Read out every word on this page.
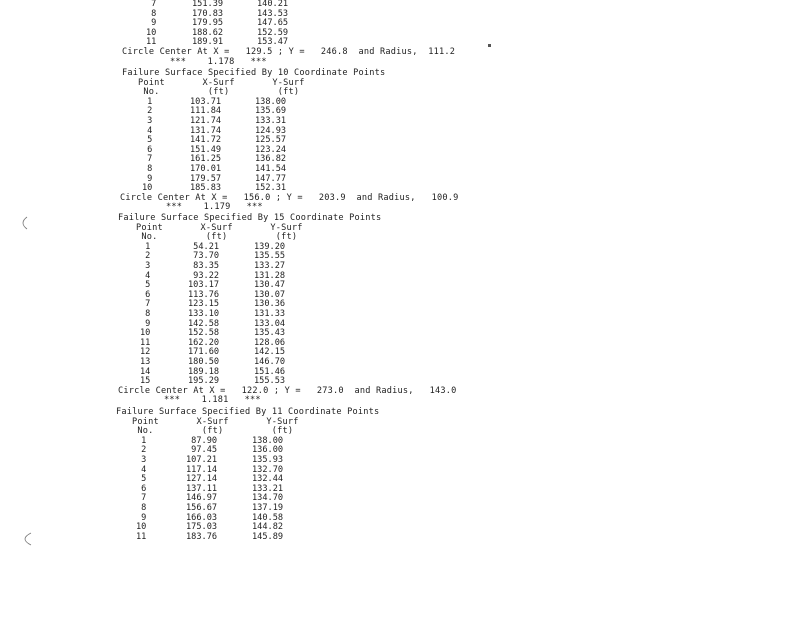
7	151.39	140.21
8	170.83	143.53
9	179.95	147.65
10	188.62	152.59
11	189.91	153.47
Circle Center At X =   129.5 ; Y =   246.8  and Radius,  111.2
***    1.178   ***
Failure Surface Specified By 10 Coordinate Points
Point       X-Surf       Y-Surf
No.         (ft)         (ft)
1	103.71	138.00
2	111.84	135.69
3	121.74	133.31
4	131.74	124.93
5	141.72	125.57
6	151.49	123.24
7	161.25	136.82
8	170.01	141.54
9	179.57	147.77
10	185.83	152.31
Circle Center At X =   156.0 ; Y =   203.9  and Radius,   100.9
***    1.179   ***
Failure Surface Specified By 15 Coordinate Points
Point       X-Surf       Y-Surf
No.         (ft)         (ft)
1	54.21	139.20
2	73.70	135.55
3	83.35	133.27
4	93.22	131.28
5	103.17	130.47
6	113.76	130.07
7	123.15	130.36
8	133.10	131.33
9	142.58	133.04
10	152.58	135.43
11	162.20	128.06
12	171.60	142.15
13	180.50	146.70
14	189.18	151.46
15	195.29	155.53
Circle Center At X =   122.0 ; Y =   273.0  and Radius,   143.0
***    1.181   ***
Failure Surface Specified By 11 Coordinate Points
Point       X-Surf       Y-Surf
No.         (ft)         (ft)
1	87.90	138.00
2	97.45	136.00
3	107.21	135.93
4	117.14	132.70
5	127.14	132.44
6	137.11	133.21
7	146.97	134.70
8	156.67	137.19
9	166.03	140.58
10	175.03	144.82
11	183.76	145.89
